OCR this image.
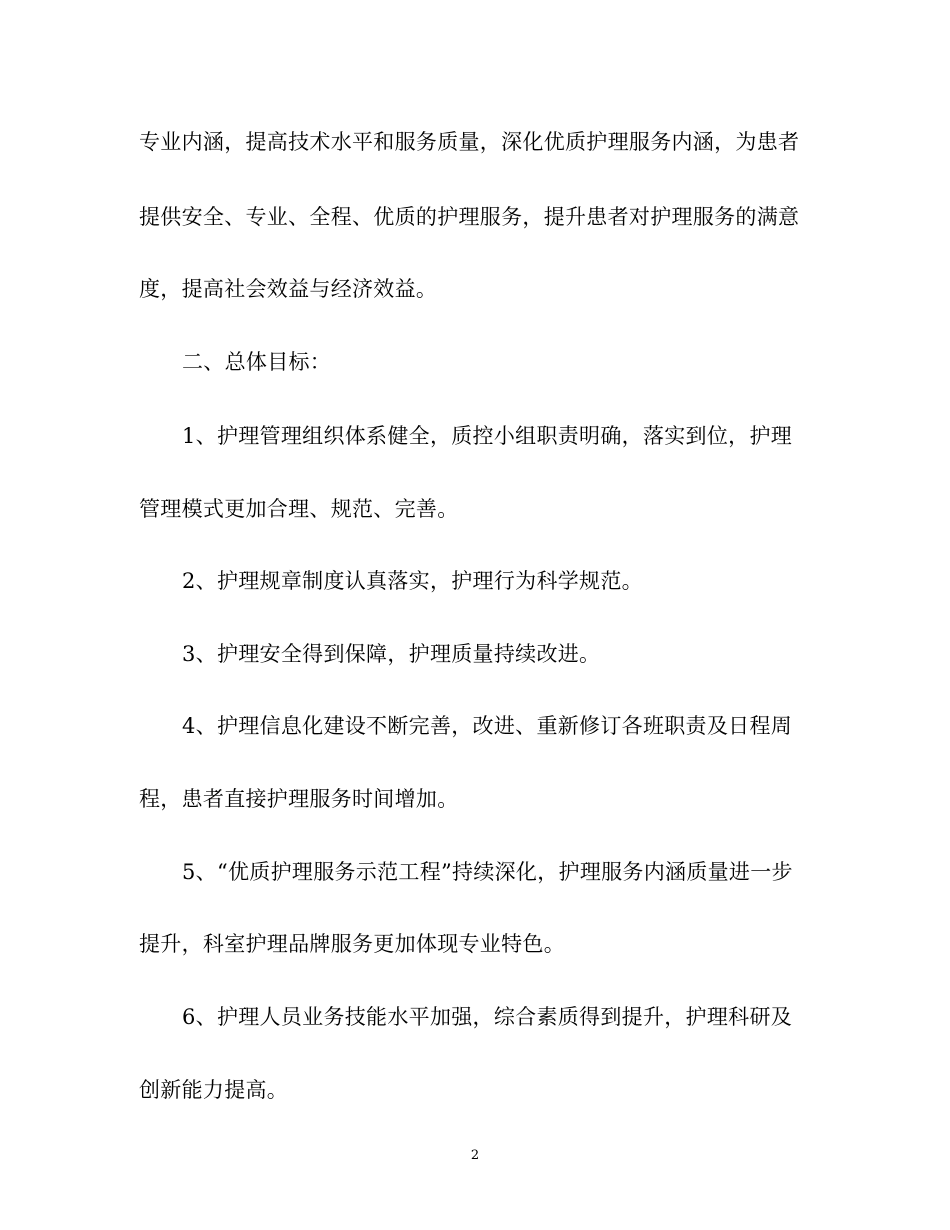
专业内涵，提高技术水平和服务质量，深化优质护理服务内涵，为患者
提供安全、专业、全程、优质的护理服务，提升患者对护理服务的满意
度，提高社会效益与经济效益。
二、总体目标：
1、护理管理组织体系健全，质控小组职责明确，落实到位，护理
管理模式更加合理、规范、完善。
2、护理规章制度认真落实，护理行为科学规范。
3、护理安全得到保障，护理质量持续改进。
4、护理信息化建设不断完善，改进、重新修订各班职责及日程周
程，患者直接护理服务时间增加。
5、“优质护理服务示范工程”持续深化，护理服务内涵质量进一步
提升，科室护理品牌服务更加体现专业特色。
6、护理人员业务技能水平加强，综合素质得到提升，护理科研及
创新能力提高。
2
